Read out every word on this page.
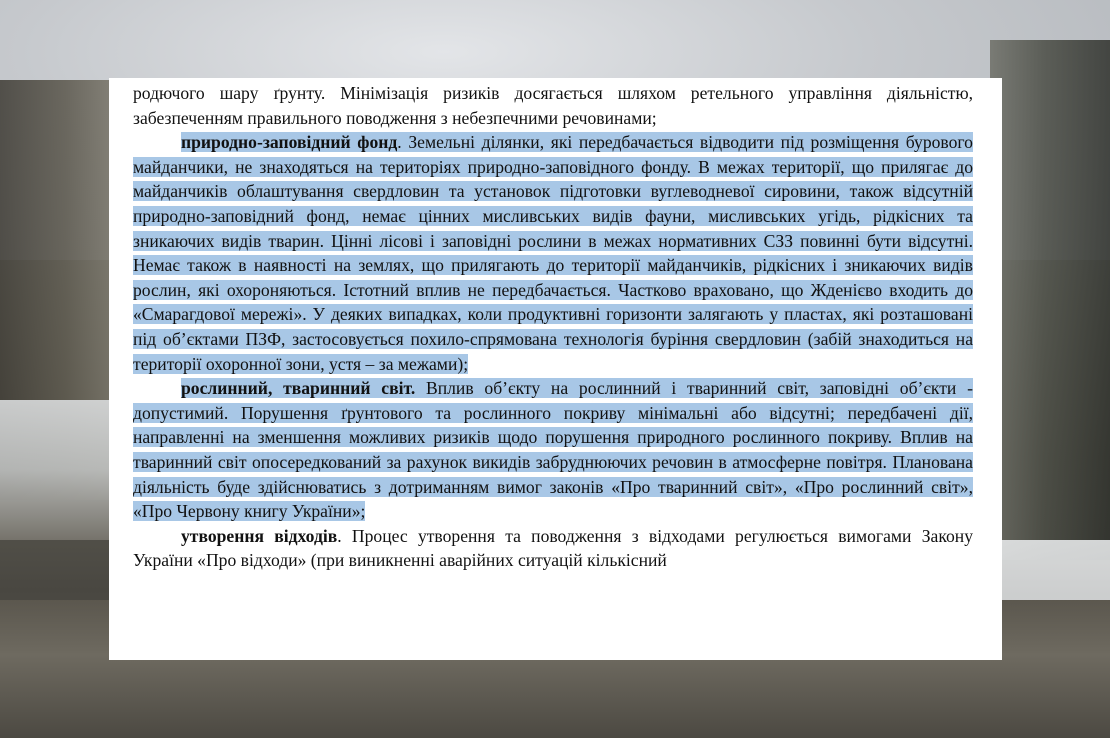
родючого шару ґрунту. Мінімізація ризиків досягається шляхом ретельного управління діяльністю, забезпеченням правильного поводження з небезпечними речовинами;

природно-заповідний фонд. Земельні ділянки, які передбачається відводити під розміщення бурового майданчики, не знаходяться на територіях природно-заповідного фонду. В межах території, що прилягає до майданчиків облаштування свердловин та установок підготовки вуглеводневої сировини, також відсутній природно-заповідний фонд, немає цінних мисливських видів фауни, мисливських угідь, рідкісних та зникаючих видів тварин. Цінні лісові і заповідні рослини в межах нормативних СЗЗ повинні бути відсутні. Немає також в наявності на землях, що прилягають до території майданчиків, рідкісних і зникаючих видів рослин, які охороняються. Істотний вплив не передбачається. Частково враховано, що Жденієво входить до «Смарагдової мережі». У деяких випадках, коли продуктивні горизонти залягають у пластах, які розташовані під об’єктами ПЗФ, застосовується похило-спрямована технологія буріння свердловин (забій знаходиться на території охоронної зони, устя – за межами);

рослинний, тваринний світ. Вплив об’єкту на рослинний і тваринний світ, заповідні об’єкти - допустимий. Порушення ґрунтового та рослинного покриву мінімальні або відсутні; передбачені дії, направленні на зменшення можливих ризиків щодо порушення природного рослинного покриву. Вплив на тваринний світ опосередкований за рахунок викидів забруднюючих речовин в атмосферне повітря. Планована діяльність буде здійснюватись з дотриманням вимог законів «Про тваринний світ», «Про рослинний світ», «Про Червону книгу України»;

утворення відходів. Процес утворення та поводження з відходами регулюється вимогами Закону України «Про відходи» (при виникненні аварійних ситуацій кількісний
